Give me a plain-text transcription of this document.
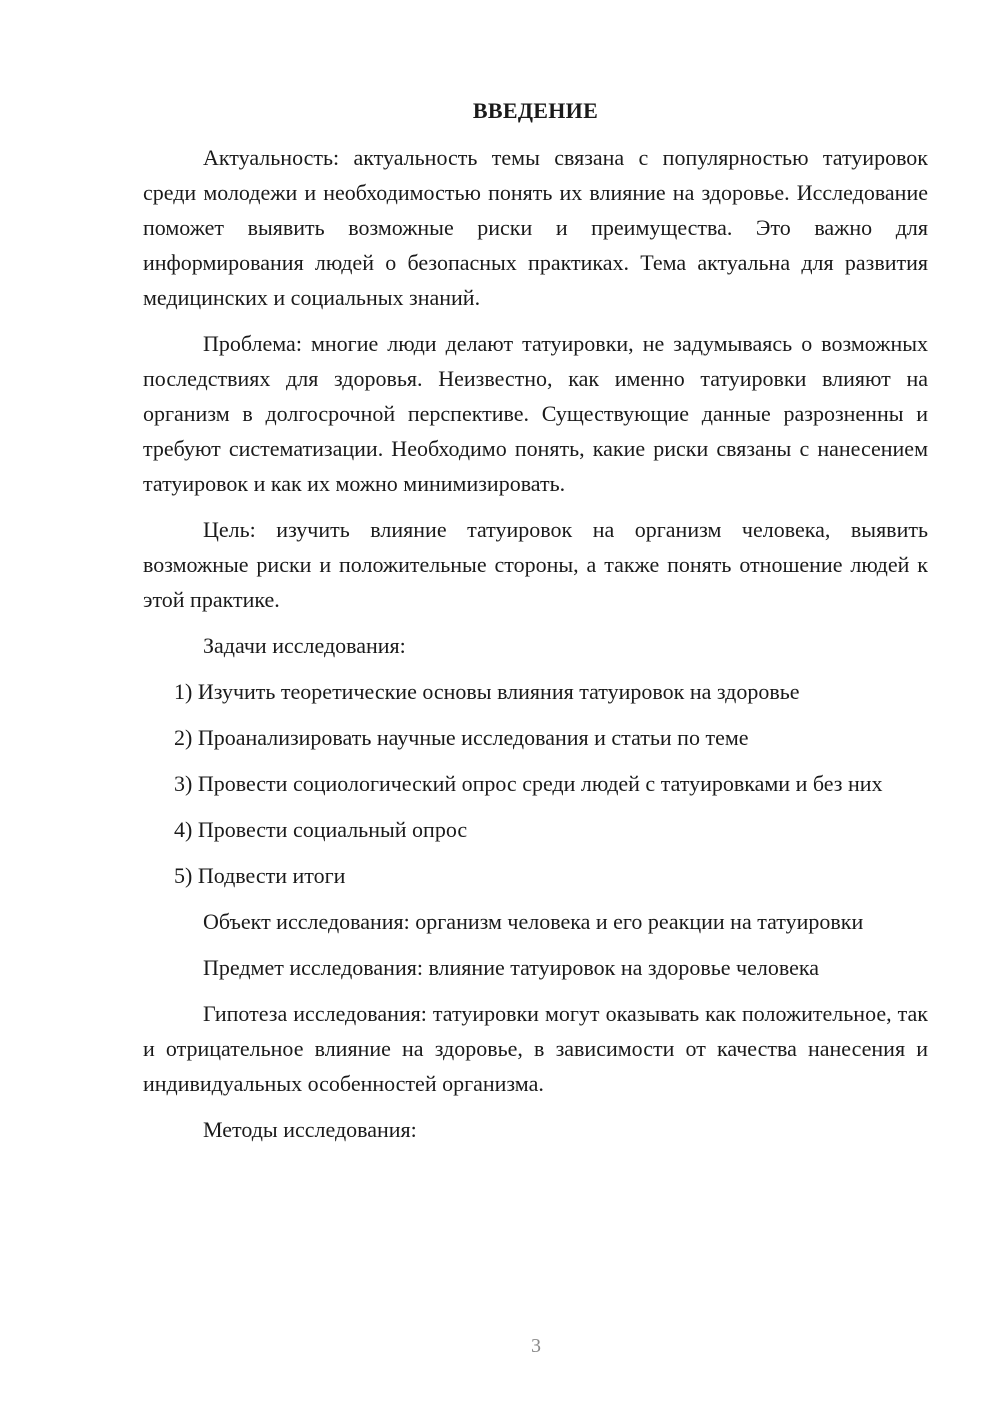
ВВЕДЕНИЕ

Актуальность: актуальность темы связана с популярностью татуировок среди молодежи и необходимостью понять их влияние на здоровье. Исследование поможет выявить возможные риски и преимущества. Это важно для информирования людей о безопасных практиках. Тема актуальна для развития медицинских и социальных знаний.

Проблема: многие люди делают татуировки, не задумываясь о возможных последствиях для здоровья. Неизвестно, как именно татуировки влияют на организм в долгосрочной перспективе. Существующие данные разрозненны и требуют систематизации. Необходимо понять, какие риски связаны с нанесением татуировок и как их можно минимизировать.

Цель: изучить влияние татуировок на организм человека, выявить возможные риски и положительные стороны, а также понять отношение людей к этой практике.

Задачи исследования:

1) Изучить теоретические основы влияния татуировок на здоровье

2) Проанализировать научные исследования и статьи по теме

3) Провести социологический опрос среди людей с татуировками и без них

4) Провести социальный опрос

5) Подвести итоги

Объект исследования: организм человека и его реакции на татуировки

Предмет исследования: влияние татуировок на здоровье человека

Гипотеза исследования: татуировки могут оказывать как положительное, так и отрицательное влияние на здоровье, в зависимости от качества нанесения и индивидуальных особенностей организма.

Методы исследования:

3
